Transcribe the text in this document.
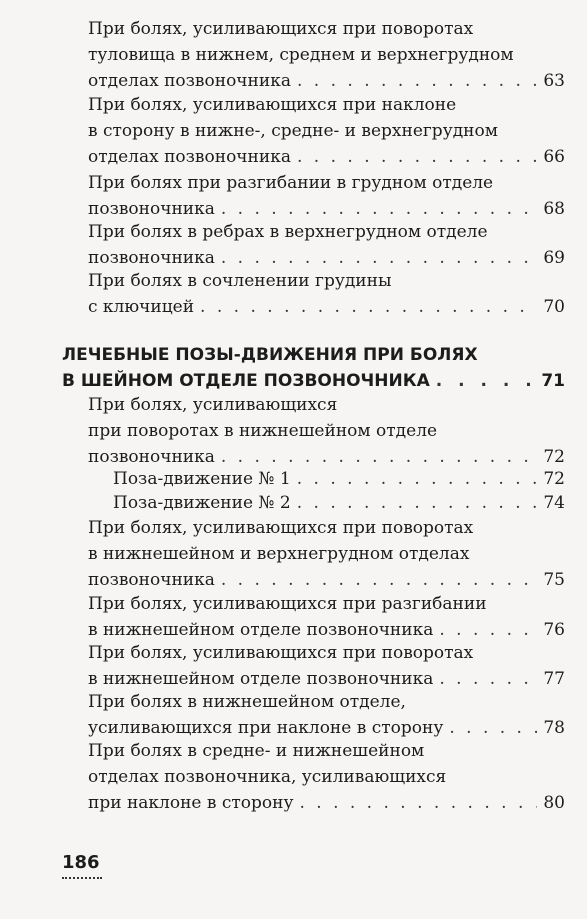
При болях, усиливающихся при поворотах
туловища в нижнем, среднем и верхнегрудном
отделах позвоночника . . .	63
При болях, усиливающихся при наклоне
в сторону в нижне-, средне- и верхнегрудном
отделах позвоночника . . .	66
При болях при разгибании в грудном отделе
позвоночника . . .	68
При болях в ребрах в верхнегрудном отделе
позвоночника . . .	69
При болях в сочленении грудины
с ключицей . . .	70
ЛЕЧЕБНЫЕ ПОЗЫ-ДВИЖЕНИЯ ПРИ БОЛЯХ
В ШЕЙНОМ ОТДЕЛЕ ПОЗВОНОЧНИКА . . .	71
При болях, усиливающихся
при поворотах в нижнешейном отделе
позвоночника . . .	72
Поза-движение № 1 . . .	72
Поза-движение № 2 . . .	74
При болях, усиливающихся при поворотах
в нижнешейном и верхнегрудном отделах
позвоночника . . .	75
При болях, усиливающихся при разгибании
в нижнешейном отделе позвоночника . . .	76
При болях, усиливающихся при поворотах
в нижнешейном отделе позвоночника . . .	77
При болях в нижнешейном отделе,
усиливающихся при наклоне в сторону . . .	78
При болях в средне- и нижнешейном
отделах позвоночника, усиливающихся
при наклоне в сторону . . .	80
186
